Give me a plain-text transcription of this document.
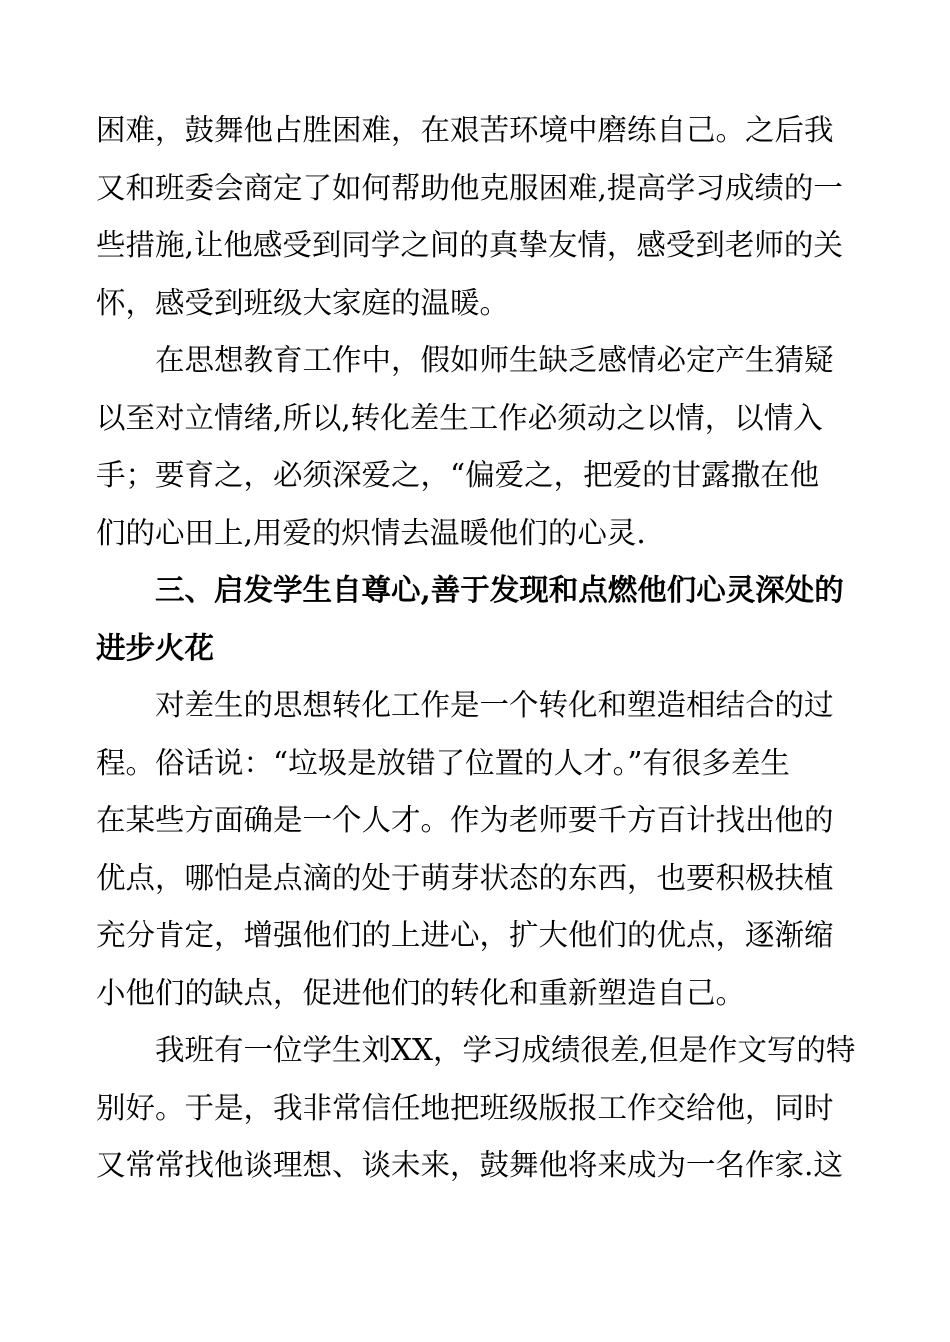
困难，鼓舞他占胜困难，在艰苦环境中磨练自己。之后我
又和班委会商定了如何帮助他克服困难,提高学习成绩的一
些措施,让他感受到同学之间的真挚友情，感受到老师的关
怀，感受到班级大家庭的温暖。
　　在思想教育工作中，假如师生缺乏感情必定产生猜疑
以至对立情绪,所以,转化差生工作必须动之以情，以情入
手；要育之，必须深爱之，“偏爱之，把爱的甘露撒在他
们的心田上,用爱的炽情去温暖他们的心灵.
　　三、启发学生自尊心,善于发现和点燃他们心灵深处的
进步火花
　　对差生的思想转化工作是一个转化和塑造相结合的过
程。俗话说：“垃圾是放错了位置的人才。”有很多差生
在某些方面确是一个人才。作为老师要千方百计找出他的
优点，哪怕是点滴的处于萌芽状态的东西，也要积极扶植
充分肯定，增强他们的上进心，扩大他们的优点，逐渐缩
小他们的缺点，促进他们的转化和重新塑造自己。
　　我班有一位学生刘XX，学习成绩很差,但是作文写的特
别好。于是，我非常信任地把班级版报工作交给他，同时
又常常找他谈理想、谈未来，鼓舞他将来成为一名作家.这
